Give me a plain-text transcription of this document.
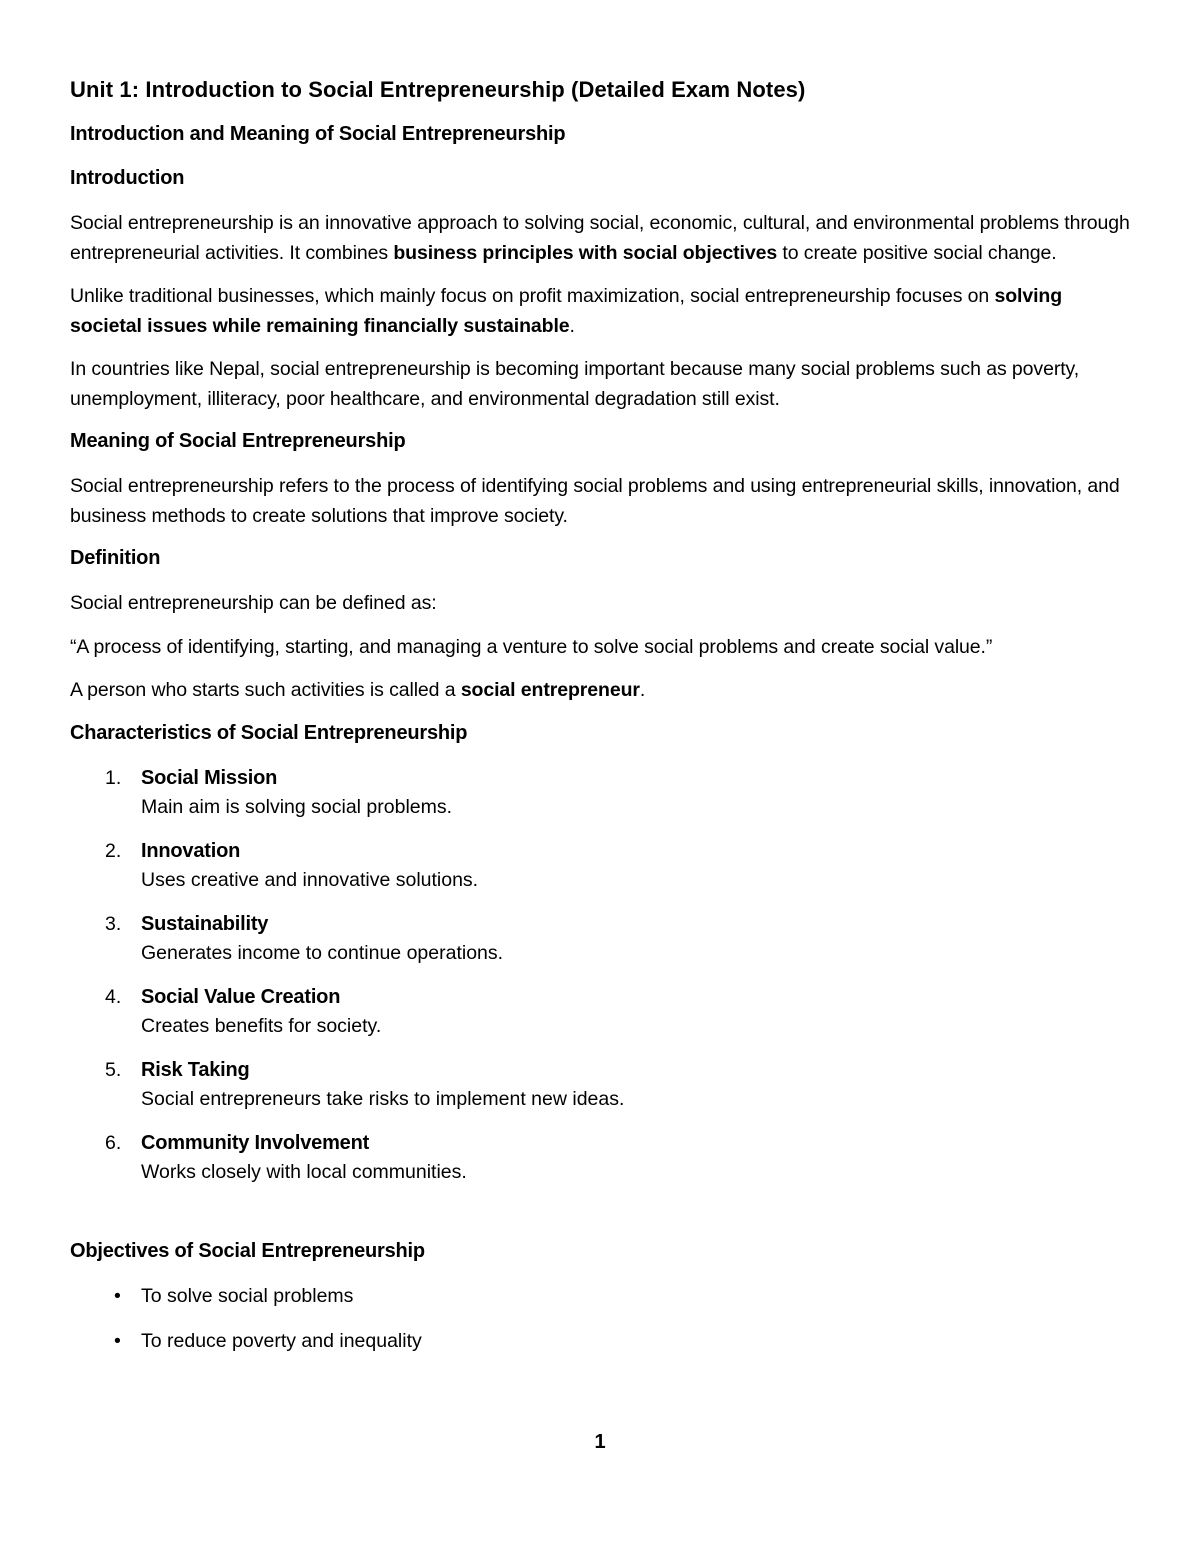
Unit 1: Introduction to Social Entrepreneurship (Detailed Exam Notes)
Introduction and Meaning of Social Entrepreneurship
Introduction

Social entrepreneurship is an innovative approach to solving social, economic, cultural, and environmental problems through entrepreneurial activities. It combines business principles with social objectives to create positive social change.

Unlike traditional businesses, which mainly focus on profit maximization, social entrepreneurship focuses on solving societal issues while remaining financially sustainable.

In countries like Nepal, social entrepreneurship is becoming important because many social problems such as poverty, unemployment, illiteracy, poor healthcare, and environmental degradation still exist.

Meaning of Social Entrepreneurship

Social entrepreneurship refers to the process of identifying social problems and using entrepreneurial skills, innovation, and business methods to create solutions that improve society.

Definition

Social entrepreneurship can be defined as:

“A process of identifying, starting, and managing a venture to solve social problems and create social value.”

A person who starts such activities is called a social entrepreneur.

Characteristics of Social Entrepreneurship
1. Social Mission
Main aim is solving social problems.
2. Innovation
Uses creative and innovative solutions.
3. Sustainability
Generates income to continue operations.
4. Social Value Creation
Creates benefits for society.
5. Risk Taking
Social entrepreneurs take risks to implement new ideas.
6. Community Involvement
Works closely with local communities.
Objectives of Social Entrepreneurship
• To solve social problems
• To reduce poverty and inequality
1
